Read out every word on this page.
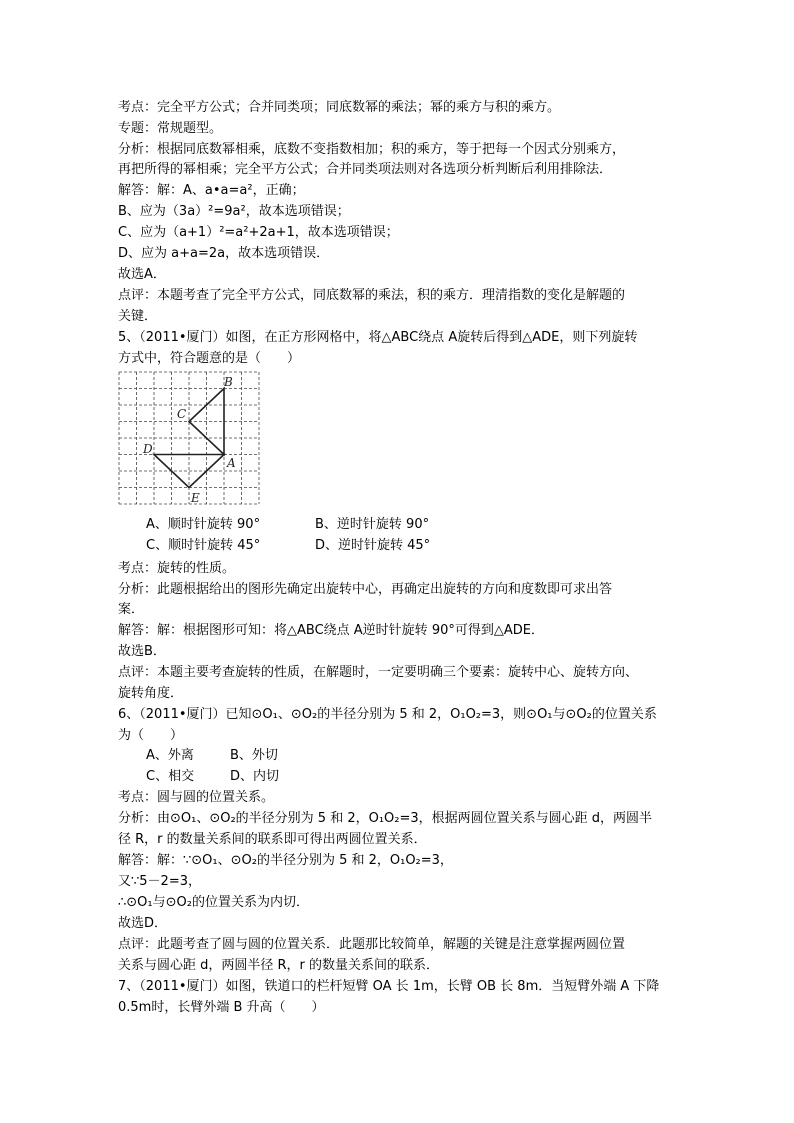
考点：完全平方公式；合并同类项；同底数幂的乘法；幂的乘方与积的乘方。
专题：常规题型。
分析：根据同底数幂相乘，底数不变指数相加；积的乘方，等于把每一个因式分别乘方，
再把所得的幂相乘；完全平方公式；合并同类项法则对各选项分析判断后利用排除法．
解答：解：A、a•a=a²，正确；
B、应为（3a）²=9a²，故本选项错误；
C、应为（a+1）²=a²+2a+1，故本选项错误；
D、应为 a+a=2a，故本选项错误．
故选A．
点评：本题考查了完全平方公式，同底数幂的乘法，积的乘方．理清指数的变化是解题的
关键．
5、（2011•厦门）如图，在正方形网格中，将△ABC绕点 A旋转后得到△ADE，则下列旋转
方式中，符合题意的是（　　）
B
C
D
A
E
A、顺时针旋转 90°	B、逆时针旋转 90°
C、顺时针旋转 45°	D、逆时针旋转 45°
考点：旋转的性质。
分析：此题根据给出的图形先确定出旋转中心，再确定出旋转的方向和度数即可求出答
案．
解答：解：根据图形可知：将△ABC绕点 A逆时针旋转 90°可得到△ADE．
故选B．
点评：本题主要考查旋转的性质，在解题时，一定要明确三个要素：旋转中心、旋转方向、
旋转角度．
6、（2011•厦门）已知⊙O₁、⊙O₂的半径分别为 5 和 2，O₁O₂=3，则⊙O₁与⊙O₂的位置关系
为（　　）
A、外离	B、外切
C、相交	D、内切
考点：圆与圆的位置关系。
分析：由⊙O₁、⊙O₂的半径分别为 5 和 2，O₁O₂=3，根据两圆位置关系与圆心距 d，两圆半
径 R，r 的数量关系间的联系即可得出两圆位置关系．
解答：解：∵⊙O₁、⊙O₂的半径分别为 5 和 2，O₁O₂=3，
又∵5－2=3，
∴⊙O₁与⊙O₂的位置关系为内切．
故选D．
点评：此题考查了圆与圆的位置关系．此题那比较简单，解题的关键是注意掌握两圆位置
关系与圆心距 d，两圆半径 R，r 的数量关系间的联系．
7、（2011•厦门）如图，铁道口的栏杆短臂 OA 长 1m，长臂 OB 长 8m．当短臂外端 A 下降
0.5m时，长臂外端 B 升高（　　）
